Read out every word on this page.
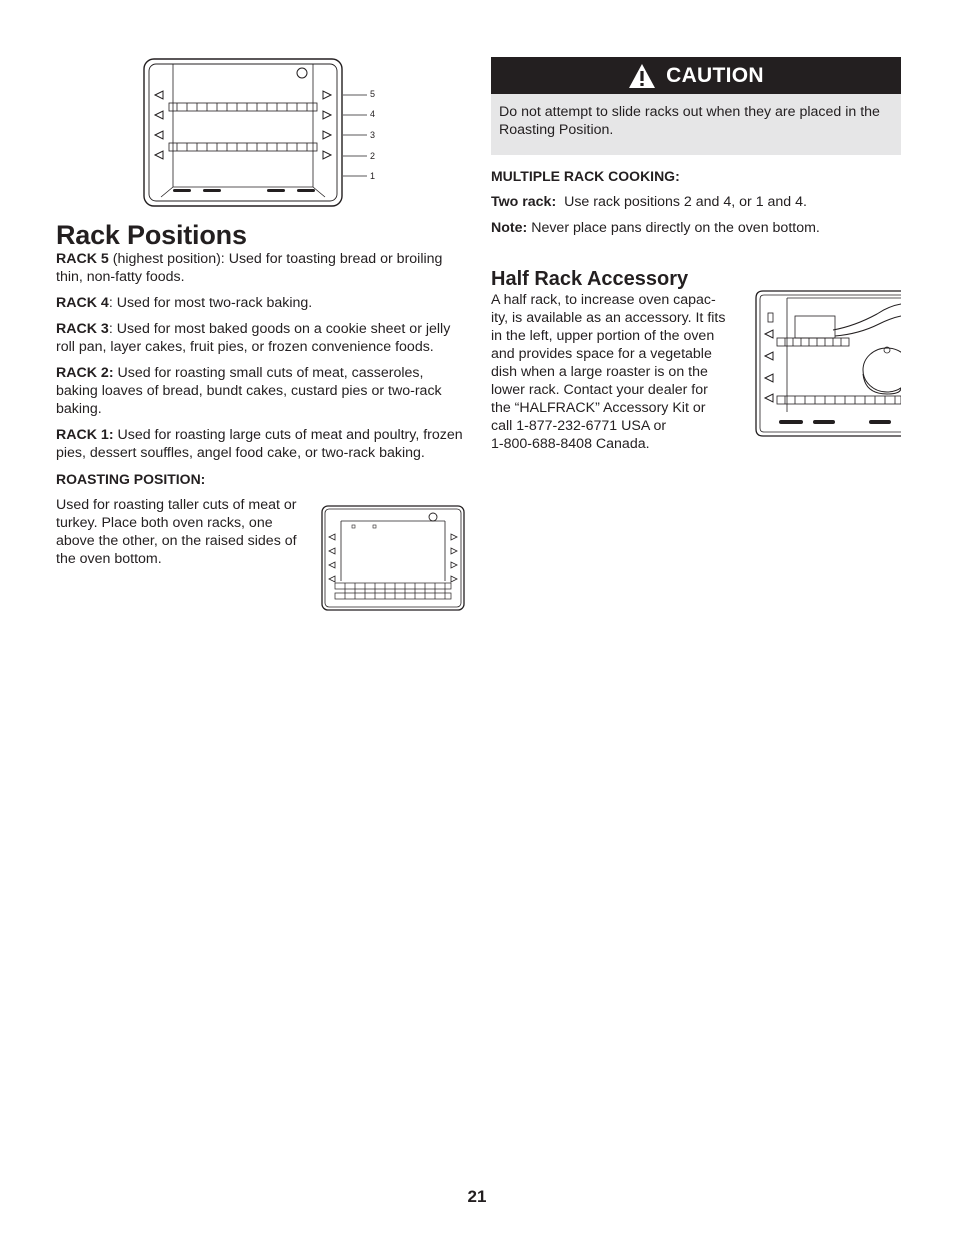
5
4
3
2
1
Rack Positions

RACK 5 (highest position): Used for toasting bread or broiling thin, non-fatty foods.

RACK 4: Used for most two-rack baking.

RACK 3: Used for most baked goods on a cookie sheet or jelly roll pan, layer cakes, fruit pies, or frozen convenience foods.

RACK 2: Used for roasting small cuts of meat, casseroles, baking loaves of bread, bundt cakes, custard pies or two-rack baking.

RACK 1: Used for roasting large cuts of meat and poultry, frozen pies, dessert souffles, angel food cake, or two-rack baking.

ROASTING POSITION:

Used for roasting taller cuts of meat or turkey. Place both oven racks, one above the other, on the raised sides of the oven bottom.

CAUTION

Do not attempt to slide racks out when they are placed in the Roasting Position.

MULTIPLE RACK COOKING:

Two rack:  Use rack positions 2 and 4, or 1 and 4.

Note: Never place pans directly on the oven bottom.

Half Rack Accessory
A half rack, to increase oven capac-
ity, is available as an accessory. It fits
in the left, upper portion of the oven
and provides space for a vegetable
dish when a large roaster is on the
lower rack. Contact your dealer for
the “HALFRACK” Accessory Kit or
call 1-877-232-6771 USA or
1-800-688-8408 Canada.
21
